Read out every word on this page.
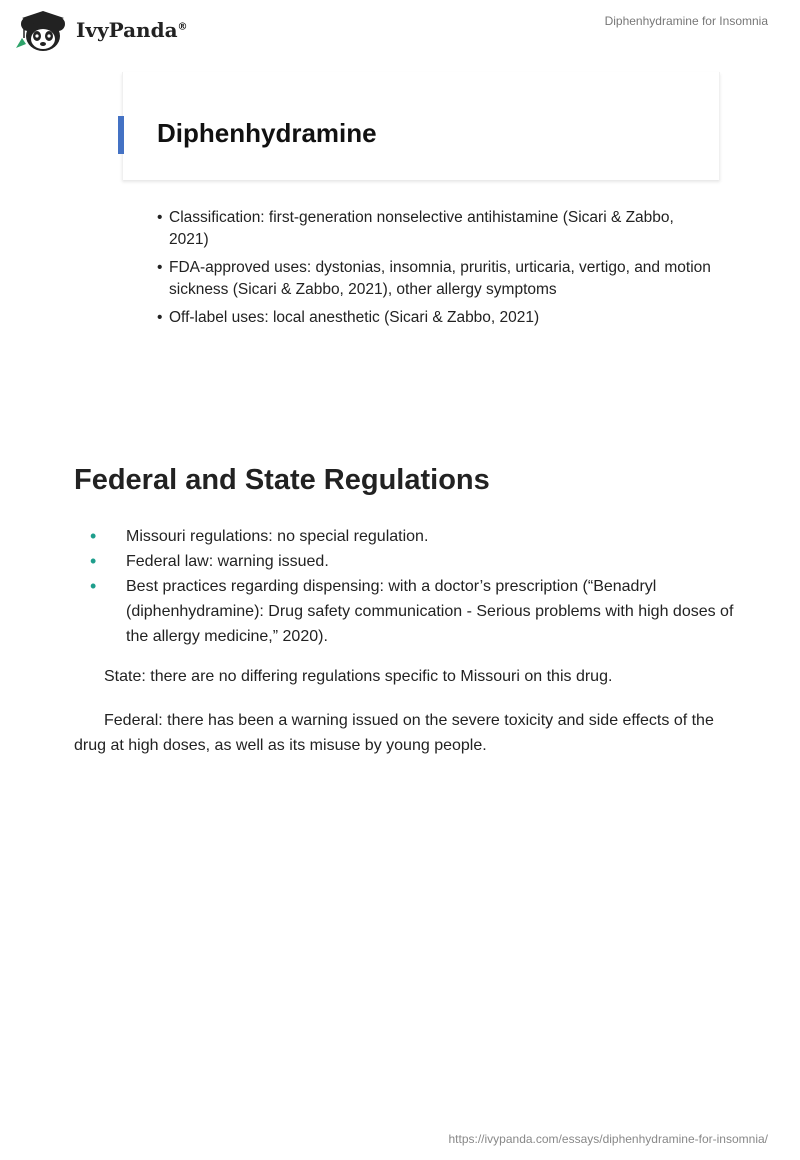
IvyPanda®	Diphenhydramine for Insomnia
Diphenhydramine
• Classification: first-generation nonselective antihistamine (Sicari & Zabbo, 2021)
• FDA-approved uses: dystonias, insomnia, pruritis, urticaria, vertigo, and motion sickness (Sicari & Zabbo, 2021), other allergy symptoms
• Off-label uses: local anesthetic (Sicari & Zabbo, 2021)
Federal and State Regulations
• Missouri regulations: no special regulation.
• Federal law: warning issued.
• Best practices regarding dispensing: with a doctor’s prescription (“Benadryl (diphenhydramine): Drug safety communication - Serious problems with high doses of the allergy medicine,” 2020).

State: there are no differing regulations specific to Missouri on this drug.

Federal: there has been a warning issued on the severe toxicity and side effects of the drug at high doses, as well as its misuse by young people.

https://ivypanda.com/essays/diphenhydramine-for-insomnia/
